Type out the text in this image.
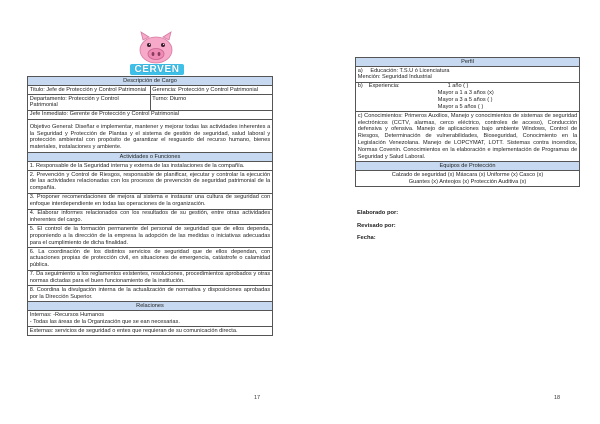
CERVEN
Descripción de Cargo	
Titulo: Jefe de Protección y Control Patrimonial	Gerencia: Protección y Control Patrimonial
Departamento: Protección y Control Patrimonial	Turno: Diurno
Jefe Inmediato: Gerente de Protección y Control Patrimonial	
Objetivo General: Diseñar e implementar, mantener y mejorar todas las actividades inherentes a la Seguridad y Protección de Plantas y el sistema de gestión de seguridad, salud laboral y protección ambiental con propósito de garantizar el resguardo del recurso humano, bienes materiales, instalaciones y ambiente.	
Actividades o Funciones	
1. Responsable de la Seguridad interna y externa de las instalaciones de la compañía.	
2. Prevención y Control de Riesgos, responsable de planificar, ejecutar y controlar la ejecución de las actividades relacionadas con los procesos de prevención de seguridad patrimonial de la compañía.	
3. Proponer recomendaciones de mejora al sistema e instaurar una cultura de seguridad con enfoque interdependiente en todas las operaciones de la organización.	
4. Elaborar informes relacionados con los resultados de su gestión, entre otras actividades inherentes del cargo.	
5. El control de la formación permanente del personal de seguridad que de ellos dependa, proponiendo a la dirección de la empresa la adopción de las medidas o iniciativas adecuadas para el cumplimiento de dicha finalidad.	
6. La coordinación de los distintos servicios de seguridad que de ellos dependan, con actuaciones propias de protección civil, en situaciones de emergencia, catástrofe o calamidad pública.	
7. Da seguimiento a los reglamentos existentes, resoluciones, procedimientos aprobados y otras normas dictadas para el buen funcionamiento de la institución.	
8. Coordina la divulgación interna de la actualización de normativa y disposiciones aprobadas por la Dirección Superior.	
Relaciones	

Internas: -Recursos Humanos
- Todas las áreas de la Organización que se ean necesarias.	

Externas: servicios de seguridad o entes que requieran de su comunicación directa.	
17	18
Perfil

a) Educación: T.S.U ó Licenciatura
Mención: Seguridad Industrial

b) Experiencia:	1 año ( )
Mayor a 1 a 3 años (x)
Mayor a 3 a 5 años ( )
Mayor a 5 años ( )

c) Conocimientos: Primeros Auxilios, Manejo y conocimientos de sistemas de seguridad electrónicos (CCTV, alarmas, cerco eléctrico, controles de acceso), Conducción defensiva y ofensiva. Manejo de aplicaciones bajo ambiente Windows, Control de Riesgos, Determinación de vulnerabilidades, Bioseguridad, Conocimiento en la Legislación Venezolana. Manejo de LOPCYMAT, LOTT. Sistemas contra incendios, Normas Covenin. Conocimientos en la elaboración e implementación de Programas de Seguridad y Salud Laboral.
Equipos de Protección

Calzado de seguridad (x) Máscara (x) Uniforme (x) Casco (x)
Guantes (x) Anteojos (x) Protección Auditiva (x)
Elaborado por:
Revisado por:
Fecha:
